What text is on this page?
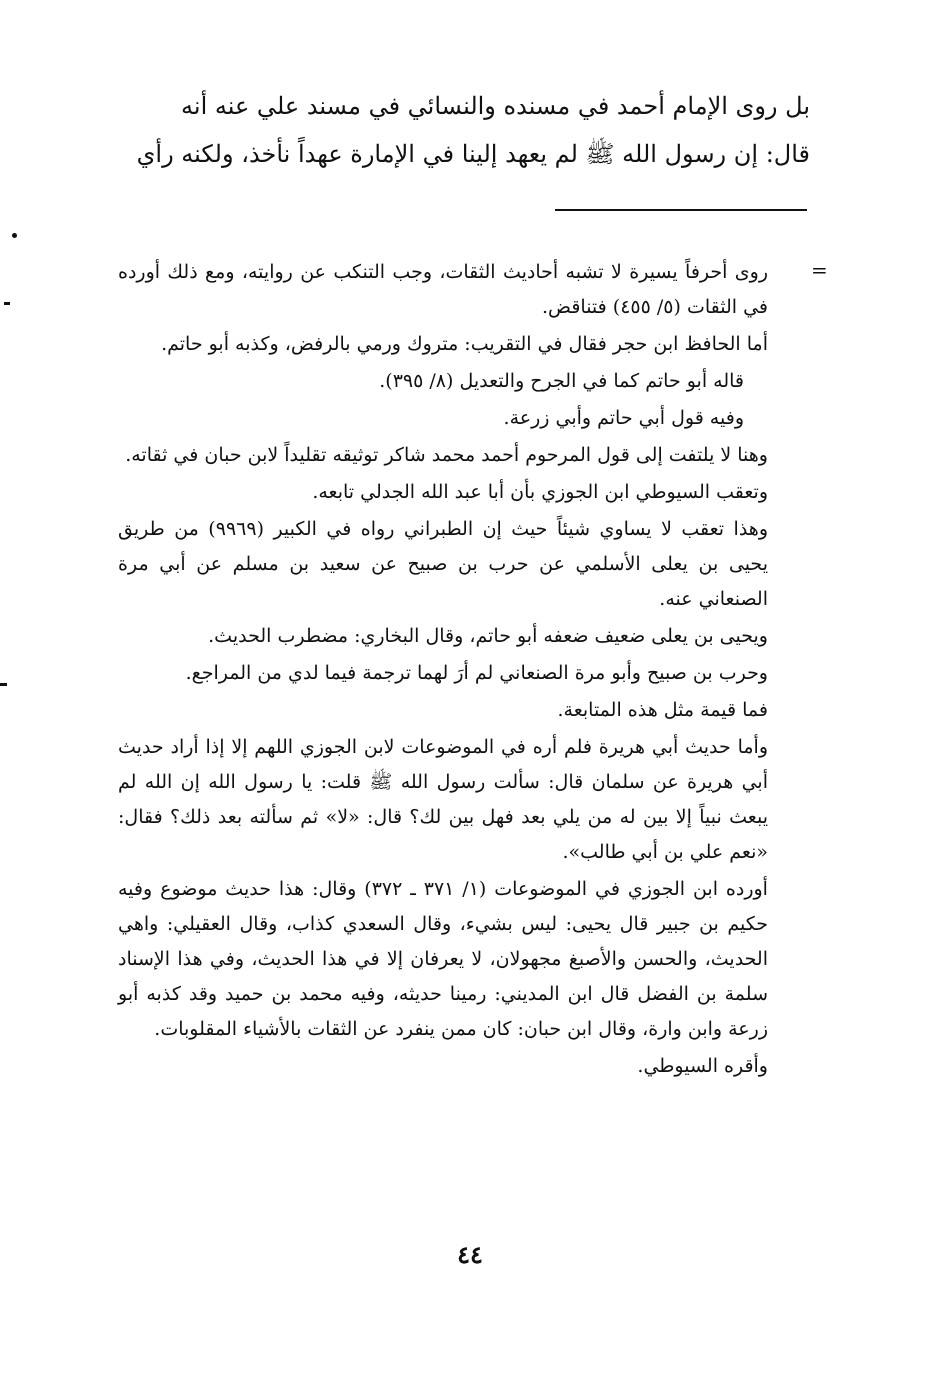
بل روى الإمام أحمد في مسنده والنسائي في مسند علي عنه أنه
قال: إن رسول الله ﷺ لم يعهد إلينا في الإمارة عهداً نأخذ، ولكنه رأي
=

روى أحرفاً يسيرة لا تشبه أحاديث الثقات، وجب التنكب عن روايته، ومع ذلك أورده في الثقات (٥/ ٤٥٥) فتناقض.

أما الحافظ ابن حجر فقال في التقريب: متروك ورمي بالرفض، وكذبه أبو حاتم.

قاله أبو حاتم كما في الجرح والتعديل (٨/ ٣٩٥).

وفيه قول أبي حاتم وأبي زرعة.

وهنا لا يلتفت إلى قول المرحوم أحمد محمد شاكر توثيقه تقليداً لابن حبان في ثقاته.

وتعقب السيوطي ابن الجوزي بأن أبا عبد الله الجدلي تابعه.

وهذا تعقب لا يساوي شيئاً حيث إن الطبراني رواه في الكبير (٩٩٦٩) من طريق يحيى بن يعلى الأسلمي عن حرب بن صبيح عن سعيد بن مسلم عن أبي مرة الصنعاني عنه.

ويحيى بن يعلى ضعيف ضعفه أبو حاتم، وقال البخاري: مضطرب الحديث.

وحرب بن صبيح وأبو مرة الصنعاني لم أرَ لهما ترجمة فيما لدي من المراجع.

فما قيمة مثل هذه المتابعة.

وأما حديث أبي هريرة فلم أره في الموضوعات لابن الجوزي اللهم إلا إذا أراد حديث أبي هريرة عن سلمان قال: سألت رسول الله ﷺ قلت: يا رسول الله إن الله لم يبعث نبياً إلا بين له من يلي بعد فهل بين لك؟ قال: «لا» ثم سألته بعد ذلك؟ فقال: «نعم علي بن أبي طالب».

أورده ابن الجوزي في الموضوعات (١/ ٣٧١ ـ ٣٧٢) وقال: هذا حديث موضوع وفيه حكيم بن جبير قال يحيى: ليس بشيء، وقال السعدي كذاب، وقال العقيلي: واهي الحديث، والحسن والأصبغ مجهولان، لا يعرفان إلا في هذا الحديث، وفي هذا الإسناد سلمة بن الفضل قال ابن المديني: رمينا حديثه، وفيه محمد بن حميد وقد كذبه أبو زرعة وابن وارة، وقال ابن حبان: كان ممن ينفرد عن الثقات بالأشياء المقلوبات.

وأقره السيوطي.

٤٤
